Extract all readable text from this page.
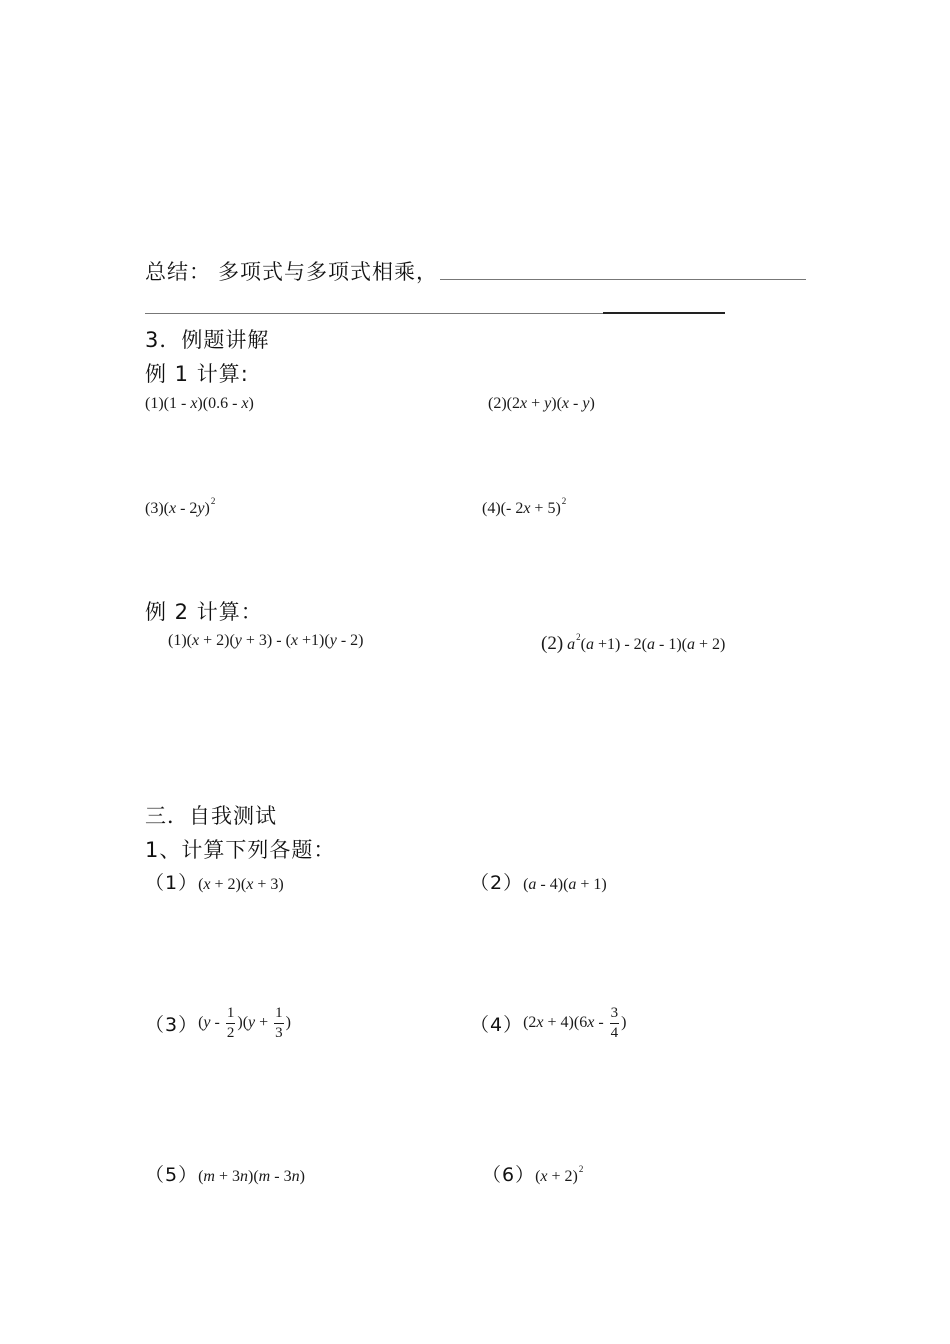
总结： 多项式与多项式相乘，
3．例题讲解
例 1 计算:
(1)(1 - x)(0.6 - x)	(2)(2x + y)(x - y)
(3)(x - 2y)$^2$	(4)(- 2x + 5)$^2$
例 2 计算：
(1)(x + 2)(y + 3) - (x +1)(y - 2)	(2) $a^2(a +1) - 2(a - 1)(a + 2)$
三．自我测试
1、计算下列各题：
（1）(x + 2)(x + 3)	（2）(a - 4)(a + 1)
$(3)(y - \frac{1}{2} )(y + \frac{1}{3}$ )	$(4)(2x + 4)(6x - \frac{3}{4}$ )
（5）(m + 3n)(m - 3n)	$(6)(x + 2)^2$
